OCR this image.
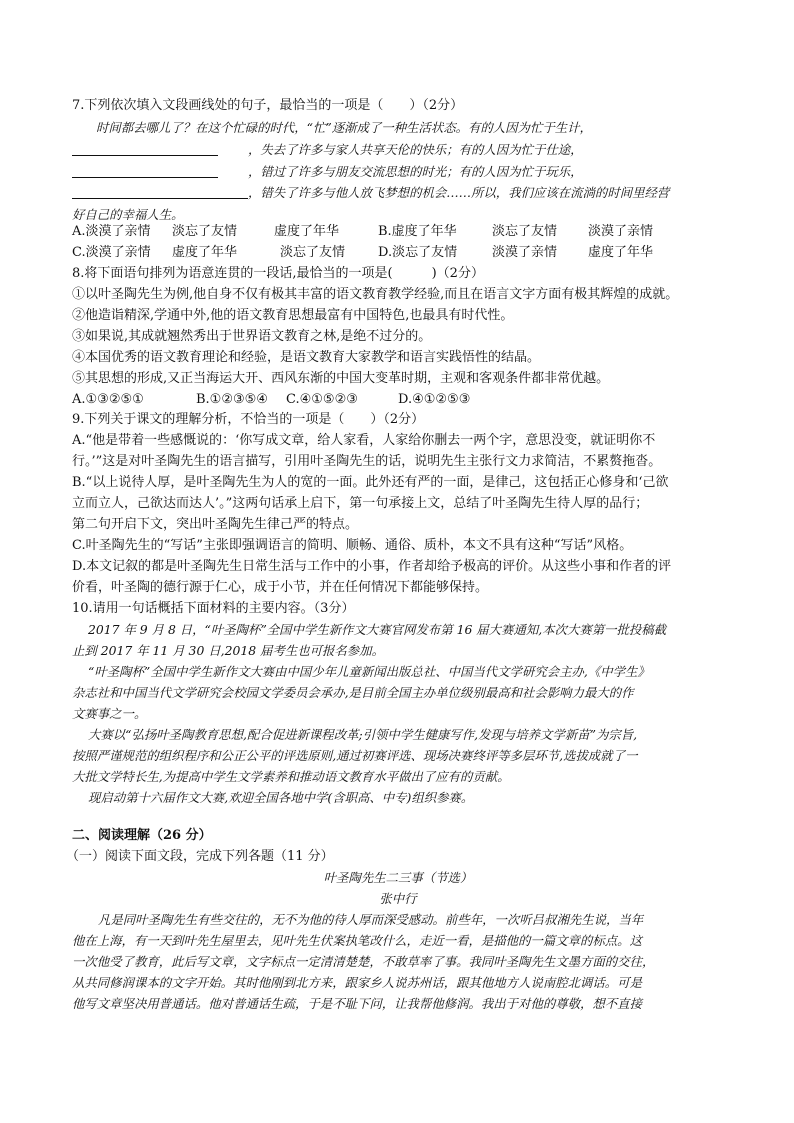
7.下列依次填入文段画线处的句子，最恰当的一项是（　　）（2分）
时间都去哪儿了？在这个忙碌的时代，“忙”逐渐成了一种生活状态。有的人因为忙于生计，
，失去了许多与家人共享天伦的快乐；有的人因为忙于仕途，
，错过了许多与朋友交流思想的时光；有的人因为忙于玩乐，
，错失了许多与他人放飞梦想的机会……所以，我们应该在流淌的时间里经营
好自己的幸福人生。
A.淡漠了亲情 淡忘了友情	虚度了年华	B.虚度了年华	淡忘了友情 淡漠了亲情
C.淡漠了亲情 虚度了年华	淡忘了友情	D.淡忘了友情	淡漠了亲情 虚度了年华
8.将下面语句排列为语意连贯的一段话,最恰当的一项是(　　　)（2分）
①以叶圣陶先生为例,他自身不仅有极其丰富的语文教育教学经验,而且在语言文字方面有极其辉煌的成就。
②他造诣精深,学通中外,他的语文教育思想最富有中国特色,也最具有时代性。
③如果说,其成就翘然秀出于世界语文教育之林,是绝不过分的。
④本国优秀的语文教育理论和经验，是语文教育大家教学和语言实践悟性的结晶。
⑤其思想的形成,又正当海运大开、西风东渐的中国大变革时期，主观和客观条件都非常优越。
A.①③②⑤①	B.①②③⑤④ C.④①⑤②③	D.④①②⑤③
9.下列关于课文的理解分析，不恰当的一项是（　　）（2分）
A.“他是带着一些感慨说的：‘你写成文章，给人家看，人家给你删去一两个字，意思没变，就证明你不
行。’”这是对叶圣陶先生的语言描写，引用叶圣陶先生的话，说明先生主张行文力求简洁，不累赘拖沓。
B.“以上说待人厚，是叶圣陶先生为人的宽的一面。此外还有严的一面，是律己，这包括正心修身和‘己欲
立而立人，己欲达而达人’。”这两句话承上启下，第一句承接上文，总结了叶圣陶先生待人厚的品行；
第二句开启下文，突出叶圣陶先生律己严的特点。
C.叶圣陶先生的“写话”主张即强调语言的简明、顺畅、通俗、质朴，本文不具有这种“写话”风格。
D.本文记叙的都是叶圣陶先生日常生活与工作中的小事，作者却给予极高的评价。从这些小事和作者的评
价看，叶圣陶的德行源于仁心，成于小节，并在任何情况下都能够保持。
10.请用一句话概括下面材料的主要内容。（3分）
2017 年 9 月 8 日，“叶圣陶杯”全国中学生新作文大赛官网发布第 16 届大赛通知,本次大赛第一批投稿截
止到 2017 年 11 月 30 日,2018 届考生也可报名参加。
“叶圣陶杯”全国中学生新作文大赛由中国少年儿童新闻出版总社、中国当代文学研究会主办,《中学生》
杂志社和中国当代文学研究会校园文学委员会承办,是目前全国主办单位级别最高和社会影响力最大的作
文赛事之一。
大赛以“弘扬叶圣陶教育思想,配合促进新课程改革;引领中学生健康写作,发现与培养文学新苗”为宗旨,
按照严谨规范的组织程序和公正公平的评选原则,通过初赛评选、现场决赛终评等多层环节,选拔成就了一
大批文学特长生,为提高中学生文学素养和推动语文教育水平做出了应有的贡献。
现启动第十六届作文大赛,欢迎全国各地中学(含职高、中专)组织参赛。
二、阅读理解（26 分）
（一）阅读下面文段，完成下列各题（11 分）
叶圣陶先生二三事（节选）
张中行
凡是同叶圣陶先生有些交往的，无不为他的待人厚而深受感动。前些年，一次听吕叔湘先生说，当年
他在上海，有一天到叶先生屋里去，见叶先生伏案执笔改什么，走近一看，是描他的一篇文章的标点。这
一次他受了教育，此后写文章，文字标点一定清清楚楚，不敢草率了事。我同叶圣陶先生文墨方面的交往，
从共同修润课本的文字开始。其时他刚到北方来，跟家乡人说苏州话，跟其他地方人说南腔北调话。可是
他写文章坚决用普通话。他对普通话生疏，于是不耻下问，让我帮他修润。我出于对他的尊敬，想不直接
